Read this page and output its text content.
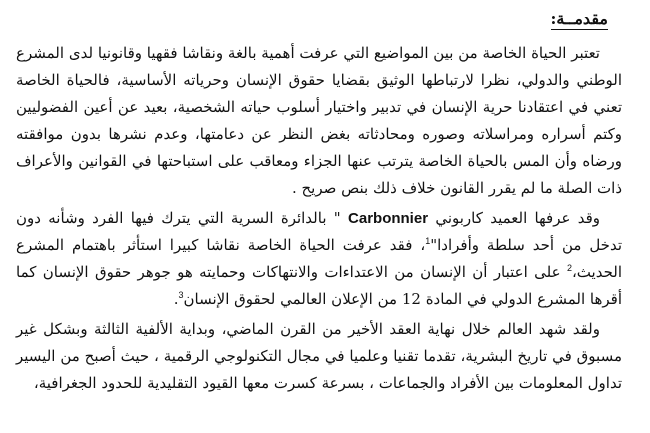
مقدمــة:

تعتبر الحياة الخاصة من بين المواضيع التي عرفت أهمية بالغة ونقاشا فقهيا وقانونيا لدى المشرع الوطني والدولي، نظرا لارتباطها الوثيق بقضايا حقوق الإنسان وحرياته الأساسية، فالحياة الخاصة تعني في اعتقادنا حرية الإنسان في تدبير واختيار أسلوب حياته الشخصية، بعيد عن أعين الفضوليين وكتم أسراره ومراسلاته وصوره ومحادثاته بغض النظر عن دعامتها، وعدم نشرها بدون موافقته ورضاه وأن المس بالحياة الخاصة يترتب عنها الجزاء ومعاقب على استباحتها في القوانين والأعراف ذات الصلة ما لم يقرر القانون خلاف ذلك بنص صريح .

وقد عرفها العميد كاربوني Carbonnier " بالدائرة السرية التي يترك فيها الفرد وشأنه دون تدخل من أحد سلطة وأفرادا"$^1$، فقد عرفت الحياة الخاصة نقاشا كبيرا استأثر باهتمام المشرع الحديث،$^2$ على اعتبار أن الإنسان من الاعتداءات والانتهاكات وحمايته هو جوهر حقوق الإنسان كما أقرها المشرع الدولي في المادة 12 من الإعلان العالمي لحقوق الإنسان$^3$.

ولقد شهد العالم خلال نهاية العقد الأخير من القرن الماضي، وبداية الألفية الثالثة وبشكل غير مسبوق في تاريخ البشرية، تقدما تقنيا وعلميا في مجال التكنولوجي الرقمية ، حيث أصبح من اليسير تداول المعلومات بين الأفراد والجماعات ، بسرعة كسرت معها القيود التقليدية للحدود الجغرافية،
